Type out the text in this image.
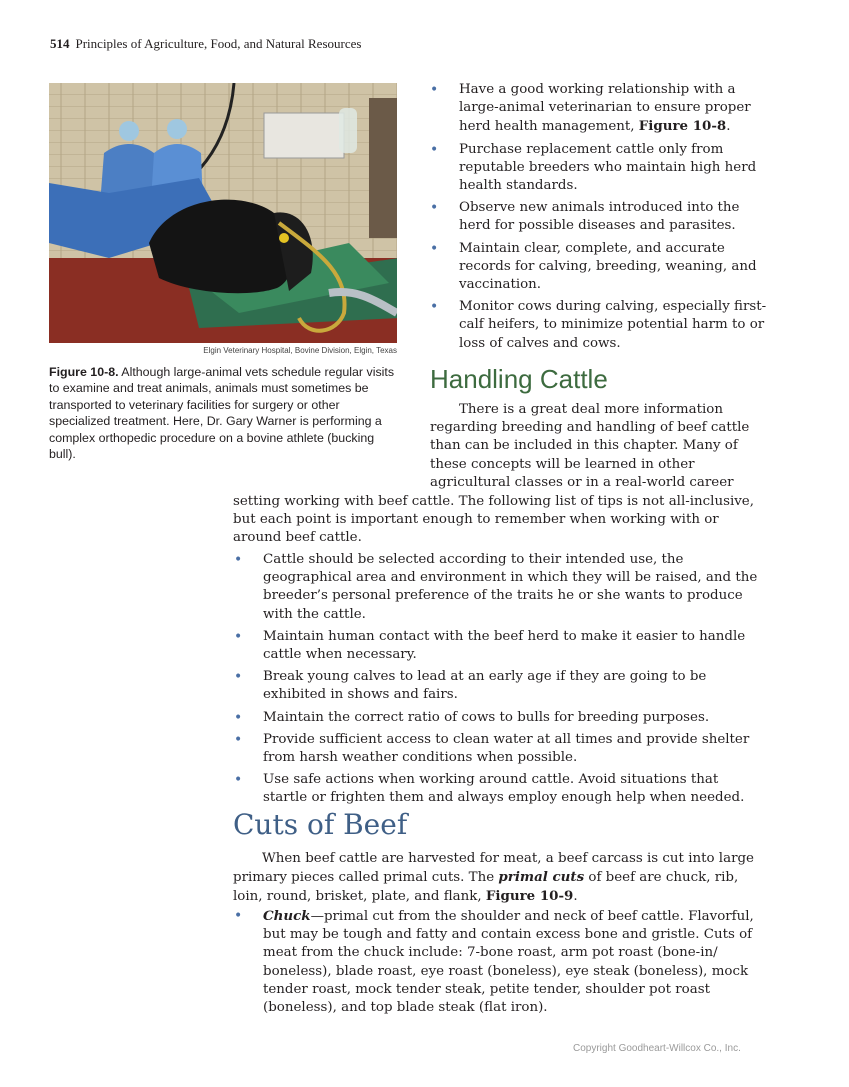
514 Principles of Agriculture, Food, and Natural Resources
Elgin Veterinary Hospital, Bovine Division, Elgin, Texas
Figure 10-8. Although large-animal vets schedule regular visits to examine and treat animals, animals must sometimes be transported to veterinary facilities for surgery or other specialized treatment. Here, Dr. Gary Warner is performing a complex orthopedic procedure on a bovine athlete (bucking bull).
• Have a good working relationship with a large-animal veterinarian to ensure proper herd health management, Figure 10-8.
• Purchase replacement cattle only from reputable breeders who maintain high herd health standards.
• Observe new animals introduced into the herd for possible diseases and parasites.
• Maintain clear, complete, and accurate records for calving, breeding, weaning, and vaccination.
• Monitor cows during calving, especially first-calf heifers, to minimize potential harm to or loss of calves and cows.
Handling Cattle
There is a great deal more information regarding breeding and handling of beef cattle than can be included in this chapter. Many of these concepts will be learned in other agricultural classes or in a real-world career
setting working with beef cattle. The following list of tips is not all-inclusive, but each point is important enough to remember when working with or around beef cattle.
• Cattle should be selected according to their intended use, the geographical area and environment in which they will be raised, and the breeder’s personal preference of the traits he or she wants to produce with the cattle.
• Maintain human contact with the beef herd to make it easier to handle cattle when necessary.
• Break young calves to lead at an early age if they are going to be exhibited in shows and fairs.
• Maintain the correct ratio of cows to bulls for breeding purposes.
• Provide sufficient access to clean water at all times and provide shelter from harsh weather conditions when possible.
• Use safe actions when working around cattle. Avoid situations that startle or frighten them and always employ enough help when needed.
Cuts of Beef
When beef cattle are harvested for meat, a beef carcass is cut into large primary pieces called primal cuts. The primal cuts of beef are chuck, rib, loin, round, brisket, plate, and flank, Figure 10-9.
• Chuck—primal cut from the shoulder and neck of beef cattle. Flavorful, but may be tough and fatty and contain excess bone and gristle. Cuts of meat from the chuck include: 7-bone roast, arm pot roast (bone-in/ boneless), blade roast, eye roast (boneless), eye steak (boneless), mock tender roast, mock tender steak, petite tender, shoulder pot roast (boneless), and top blade steak (flat iron).
Copyright Goodheart-Willcox Co., Inc.
